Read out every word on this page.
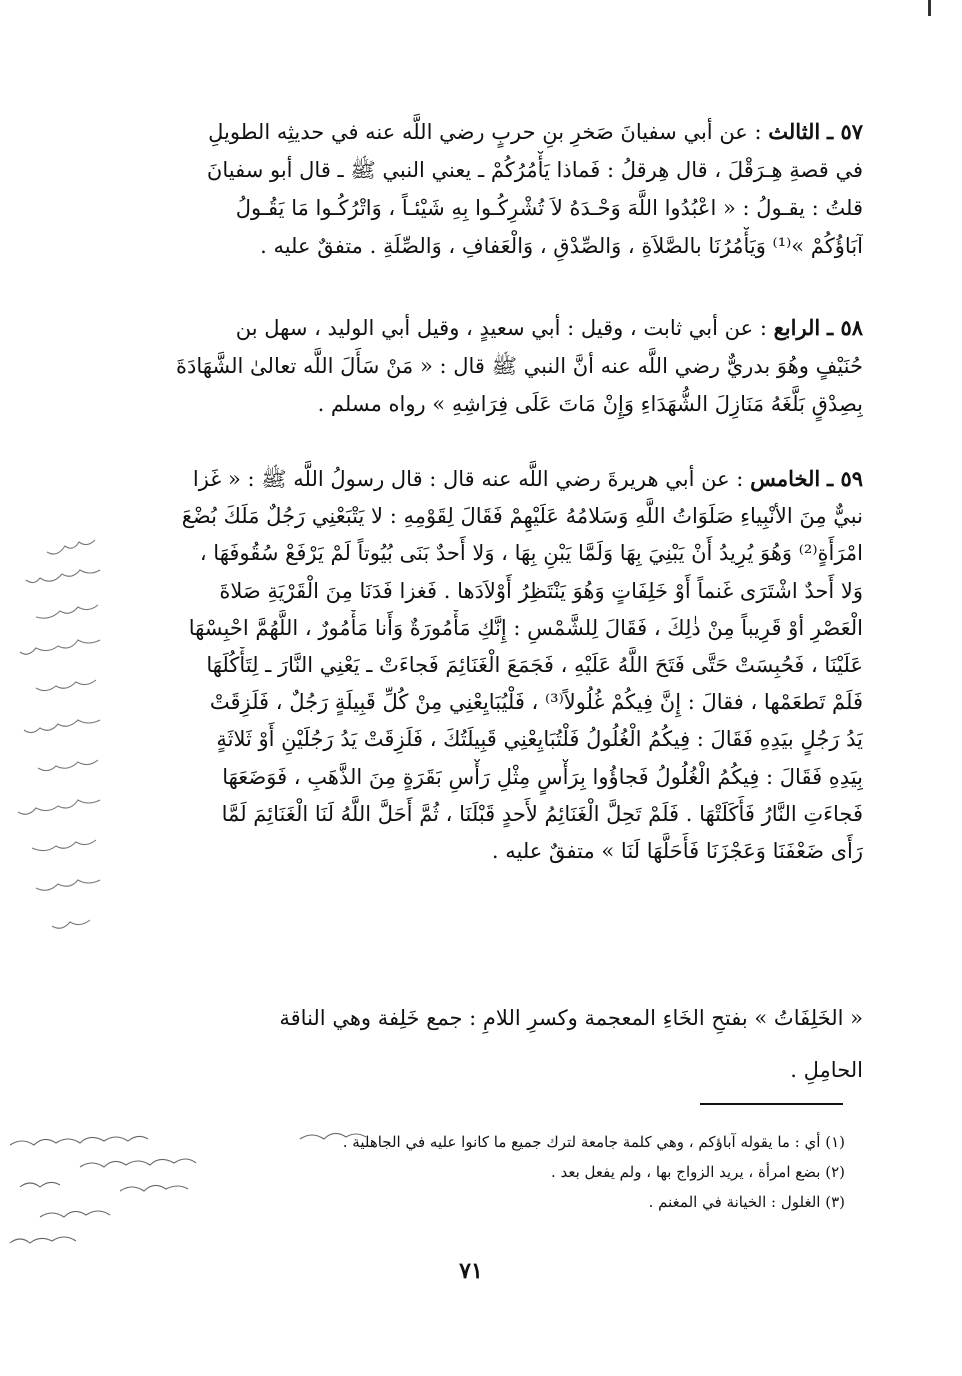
٥٧ ـ الثالث : عن أبي سفيانَ صَخرِ بنِ حربٍ رضي اللَّه عنه في حديثِه الطويلِ
في قصةِ هِـرَقْلَ ، قال هِرقلُ : فَماذا يَأْمُرُكُمْ ـ يعني النبي ﷺ ـ قال أبو سفيانَ
قلتُ : يقـولُ : « اعْبُدُوا اللَّهَ وَحْـدَهُ لاَ تُشْرِكُـوا بِهِ شَيْئـاً ، وَاتْرُكُـوا مَا يَقُـولُ
آبَاؤُكُمْ »⁽¹⁾ وَيَأْمُرُنَا بالصَّلاَةِ ، وَالصِّدْقِ ، وَالْعَفافِ ، وَالصِّلَةِ . متفقٌ عليه .
٥٨ ـ الرابع : عن أبي ثابت ، وقيل : أبي سعيدٍ ، وقيل أبي الوليد ، سهل بن
حُنَيْفٍ وهُوَ بدريٌّ رضي اللَّه عنه أنَّ النبي ﷺ قال : « مَنْ سَأَلَ اللَّه تعالىٰ الشَّهَادَةَ
بِصِدْقٍ بَلَّغَهُ مَنَازِلَ الشُّهَدَاءِ وَإِنْ مَاتَ عَلَى فِرَاشِهِ » رواه مسلم .
٥٩ ـ الخامس : عن أبي هريرةَ رضي اللَّه عنه قال : قال رسولُ اللَّه ﷺ : « غَزا
نبيٌّ مِنَ الأنْبِياءِ صَلَوَاتُ اللَّهِ وَسَلامُهُ عَلَيْهِمْ فَقَالَ لِقَوْمِهِ : لا يَتْبَعْنِي رَجُلٌ مَلَكَ بُضْعَ
امْرَأَةٍ⁽²⁾ وَهُوَ يُرِيدُ أَنْ يَبْنِيَ بِهَا وَلَمَّا يَبْنِ بِهَا ، وَلا أَحدٌ بَنَى بُيُوتاً لَمْ يَرْفَعْ سُقُوفَهَا ،
وَلا أَحدٌ اشْتَرَى غَنماً أَوْ خَلِفَاتٍ وَهُوَ يَنْتَظِرُ أَوْلاَدَها . فَغزا فَدَنَا مِنَ الْقَرْيَةِ صَلاةَ
الْعَصْرِ أوْ قَرِيباً مِنْ ذٰلِكَ ، فَقَالَ لِلشَّمْسِ : إِنَّكِ مَأْمُورَةٌ وَأَنا مَأْمُورٌ ، اللَّهُمَّ احْبِسْهَا
عَلَيْنَا ، فَحُبِسَتْ حَتَّى فَتَحَ اللَّهُ عَلَيْهِ ، فَجَمَعَ الْغَنَائِمَ فَجاءَتْ ـ يَعْنِي النَّارَ ـ لِتَأْكُلَهَا
فَلَمْ تَطعَمْها ، فقالَ : إِنَّ فِيكُمْ غُلُولاً⁽³⁾ ، فَلْيُبَايِعْنِي مِنْ كُلِّ قَبِيلَةٍ رَجُلٌ ، فَلَزِقَتْ
يَدُ رَجُلٍ بيَدِهِ فَقَالَ : فِيكُمُ الْغُلُولُ فَلْتُبَايِعْنِي قَبِيلَتُكَ ، فَلَزِقَتْ يَدُ رَجُلَيْنِ أَوْ ثَلاثَةٍ
بِيَدِهِ فَقَالَ : فِيكُمُ الْغُلُولُ فَجاؤُوا بِرَأْسٍ مِثْلِ رَأْسِ بَقَرَةٍ مِنَ الذَّهَبِ ، فَوَضَعَهَا
فَجاءَتِ النَّارُ فَأَكَلَتْهَا . فَلَمْ تَحِلَّ الْغَنَائِمُ لأَحدٍ قَبْلَنَا ، ثُمَّ أَحَلَّ اللَّهُ لَنَا الْغَنَائِمَ لَمَّا
رَأَى ضَعْفَنَا وَعَجْزَنَا فَأَحَلَّهَا لَنَا » متفقٌ عليه .
« الخَلِفَاتُ » بفتحِ الخَاءِ المعجمة وكسرِ اللامِ : جمع خَلِفة وهي الناقة
الحامِلِ .
(١) أي : ما يقوله آباؤكم ، وهي كلمة جامعة لترك جميع ما كانوا عليه في الجاهلية .
(٢) بضع امرأة ، يريد الزواج بها ، ولم يفعل بعد .
(٣) الغلول : الخيانة في المغنم .
٧١
